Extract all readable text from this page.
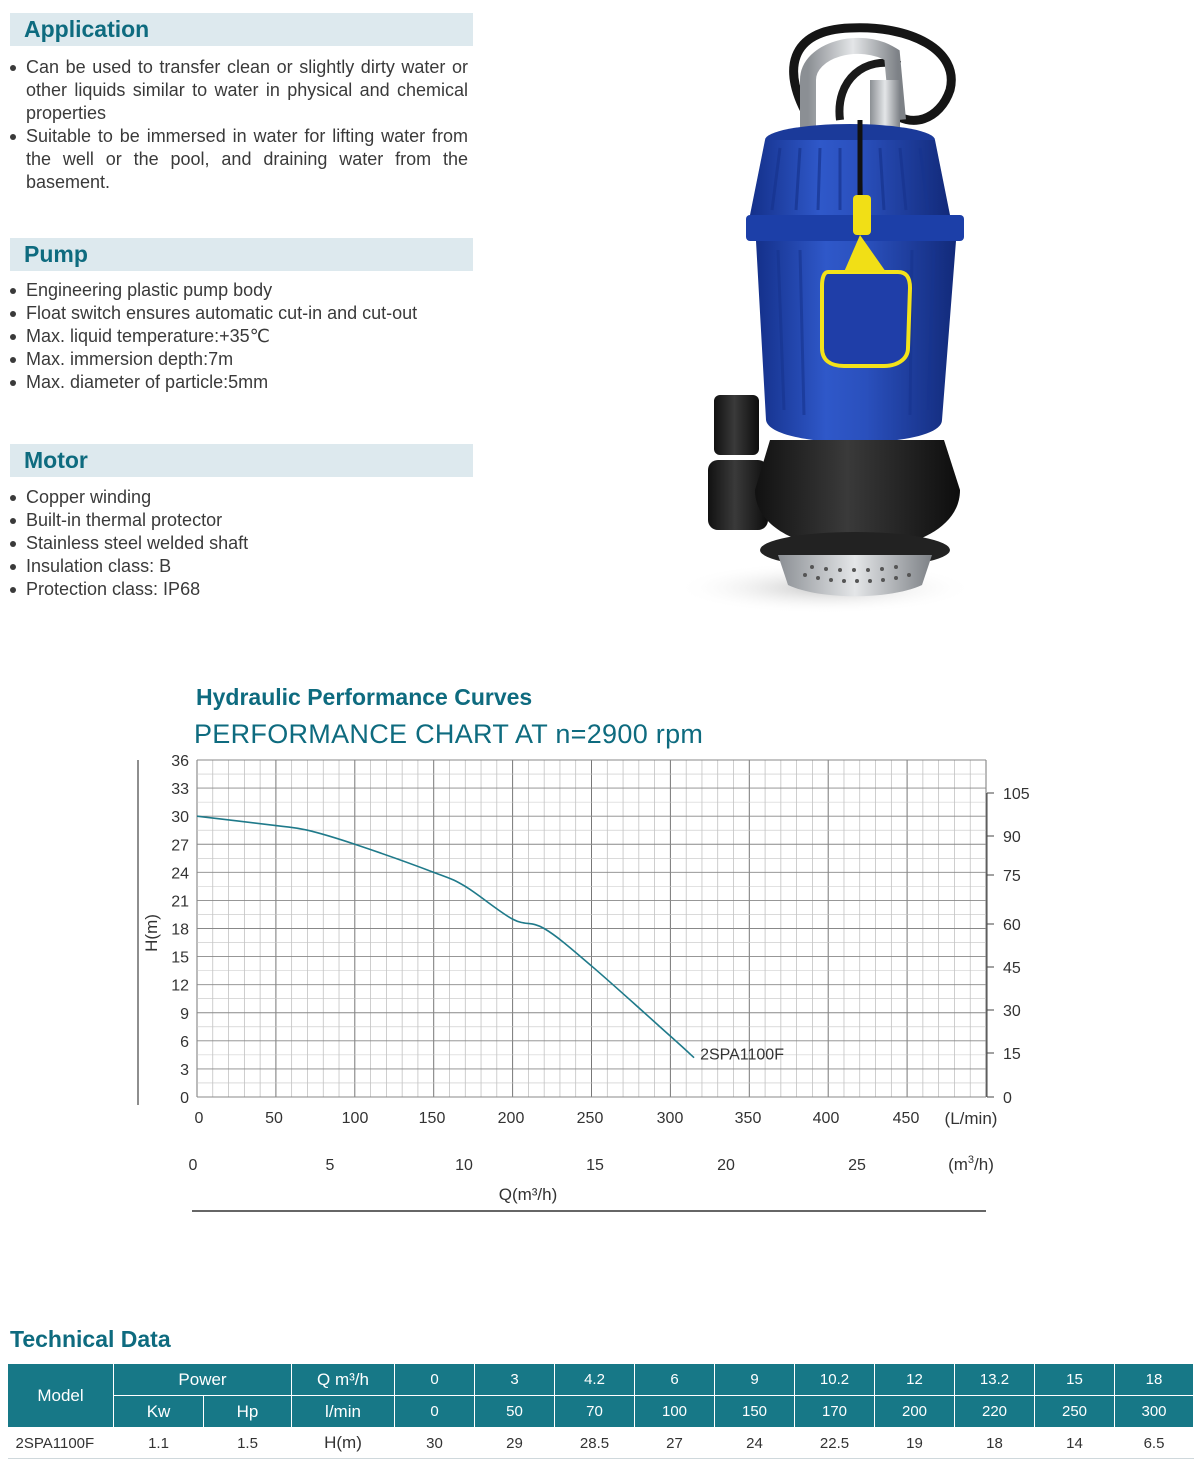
Application
Can be used to transfer clean or slightly dirty water or other liquids similar to water in physical and chemical properties
Suitable to be immersed in water for lifting water from the well or the pool, and draining water from the basement.
Pump
Engineering plastic pump body
Float switch ensures automatic cut-in and cut-out
Max. liquid temperature:+35℃
Max. immersion depth:7m
Max. diameter of particle:5mm
Motor
Copper winding
Built-in thermal protector
Stainless steel welded shaft
Insulation class: B
Protection class: IP68
Hydraulic Performance Curves
PERFORMANCE CHART AT n=2900 rpm
H(m)
0
3
6
9
12
15
18
21
24
27
30
33
36
0
15
30
45
60
75
90
105
0	50	100	150	200	250	300	350	400	450
0	5	10	15	20	25
(L/min)
$(m^3/h)$
Q(m³/h)
2SPA1100F
Technical Data
Model	Power		Q m³/h	0	3	4.2	6	9	10.2	12	13.2	15	18
	Kw	Hp	l/min	0	50	70	100	150	170	200	220	250	300
2SPA1100F	1.1	1.5	H(m)	30	29	28.5	27	24	22.5	19	18	14	6.5
